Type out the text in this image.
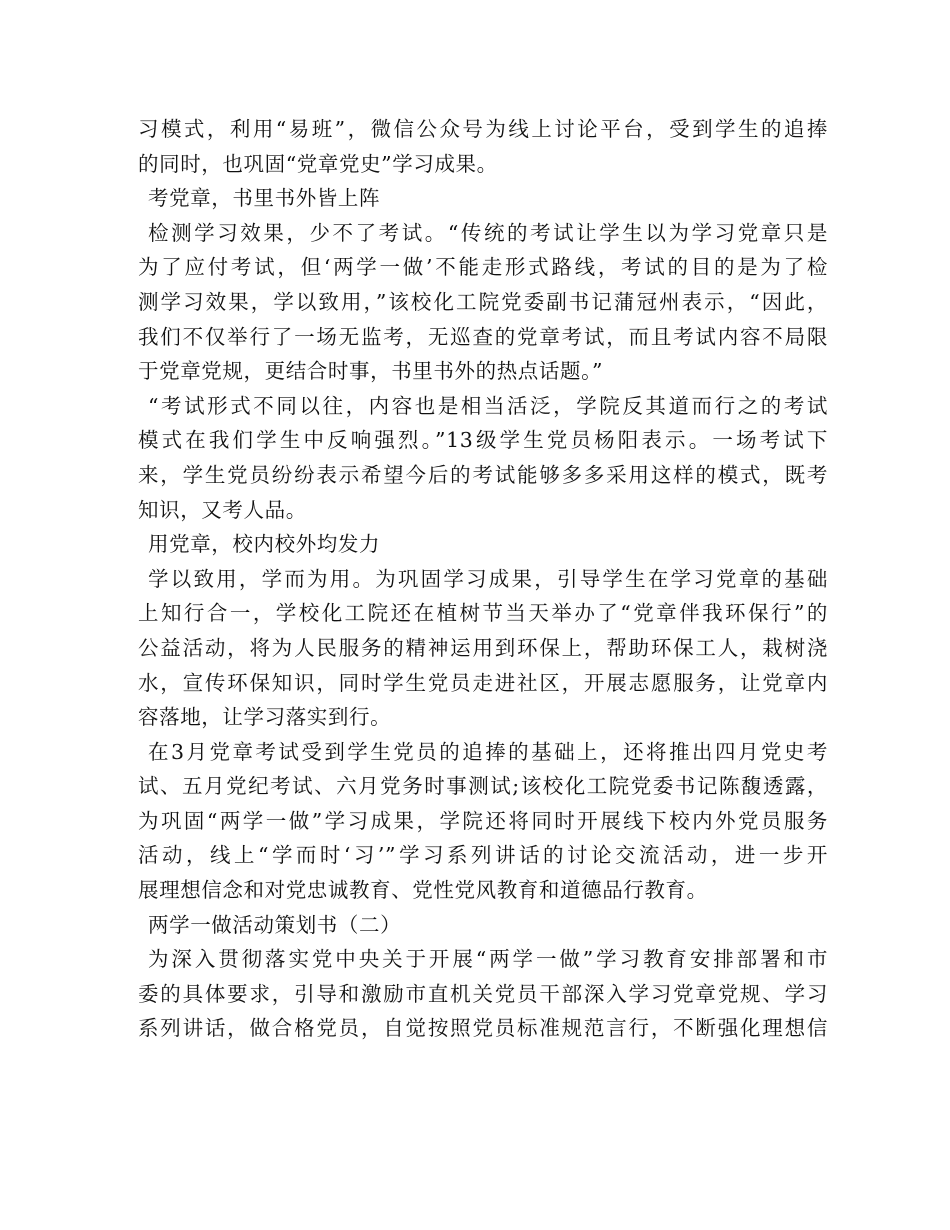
习模式，利用“易班”，微信公众号为线上讨论平台，受到学生的追捧
的同时，也巩固“党章党史”学习成果。
考党章，书里书外皆上阵
检测学习效果，少不了考试。“传统的考试让学生以为学习党章只是
为了应付考试，但‘两学一做’不能走形式路线，考试的目的是为了检
测学习效果，学以致用，”该校化工院党委副书记蒲冠州表示，“因此，
我们不仅举行了一场无监考，无巡查的党章考试，而且考试内容不局限
于党章党规，更结合时事，书里书外的热点话题。”
“考试形式不同以往，内容也是相当活泛，学院反其道而行之的考试
模式在我们学生中反响强烈。”13级学生党员杨阳表示。一场考试下
来，学生党员纷纷表示希望今后的考试能够多多采用这样的模式，既考
知识，又考人品。
用党章，校内校外均发力
学以致用，学而为用。为巩固学习成果，引导学生在学习党章的基础
上知行合一，学校化工院还在植树节当天举办了“党章伴我环保行”的
公益活动，将为人民服务的精神运用到环保上，帮助环保工人，栽树浇
水，宣传环保知识，同时学生党员走进社区，开展志愿服务，让党章内
容落地，让学习落实到行。
在3月党章考试受到学生党员的追捧的基础上，还将推出四月党史考
试、五月党纪考试、六月党务时事测试;该校化工院党委书记陈馥透露，
为巩固“两学一做”学习成果，学院还将同时开展线下校内外党员服务
活动，线上“学而时‘习’”学习系列讲话的讨论交流活动，进一步开
展理想信念和对党忠诚教育、党性党风教育和道德品行教育。
两学一做活动策划书（二）
为深入贯彻落实党中央关于开展“两学一做”学习教育安排部署和市
委的具体要求，引导和激励市直机关党员干部深入学习党章党规、学习
系列讲话，做合格党员，自觉按照党员标准规范言行，不断强化理想信
